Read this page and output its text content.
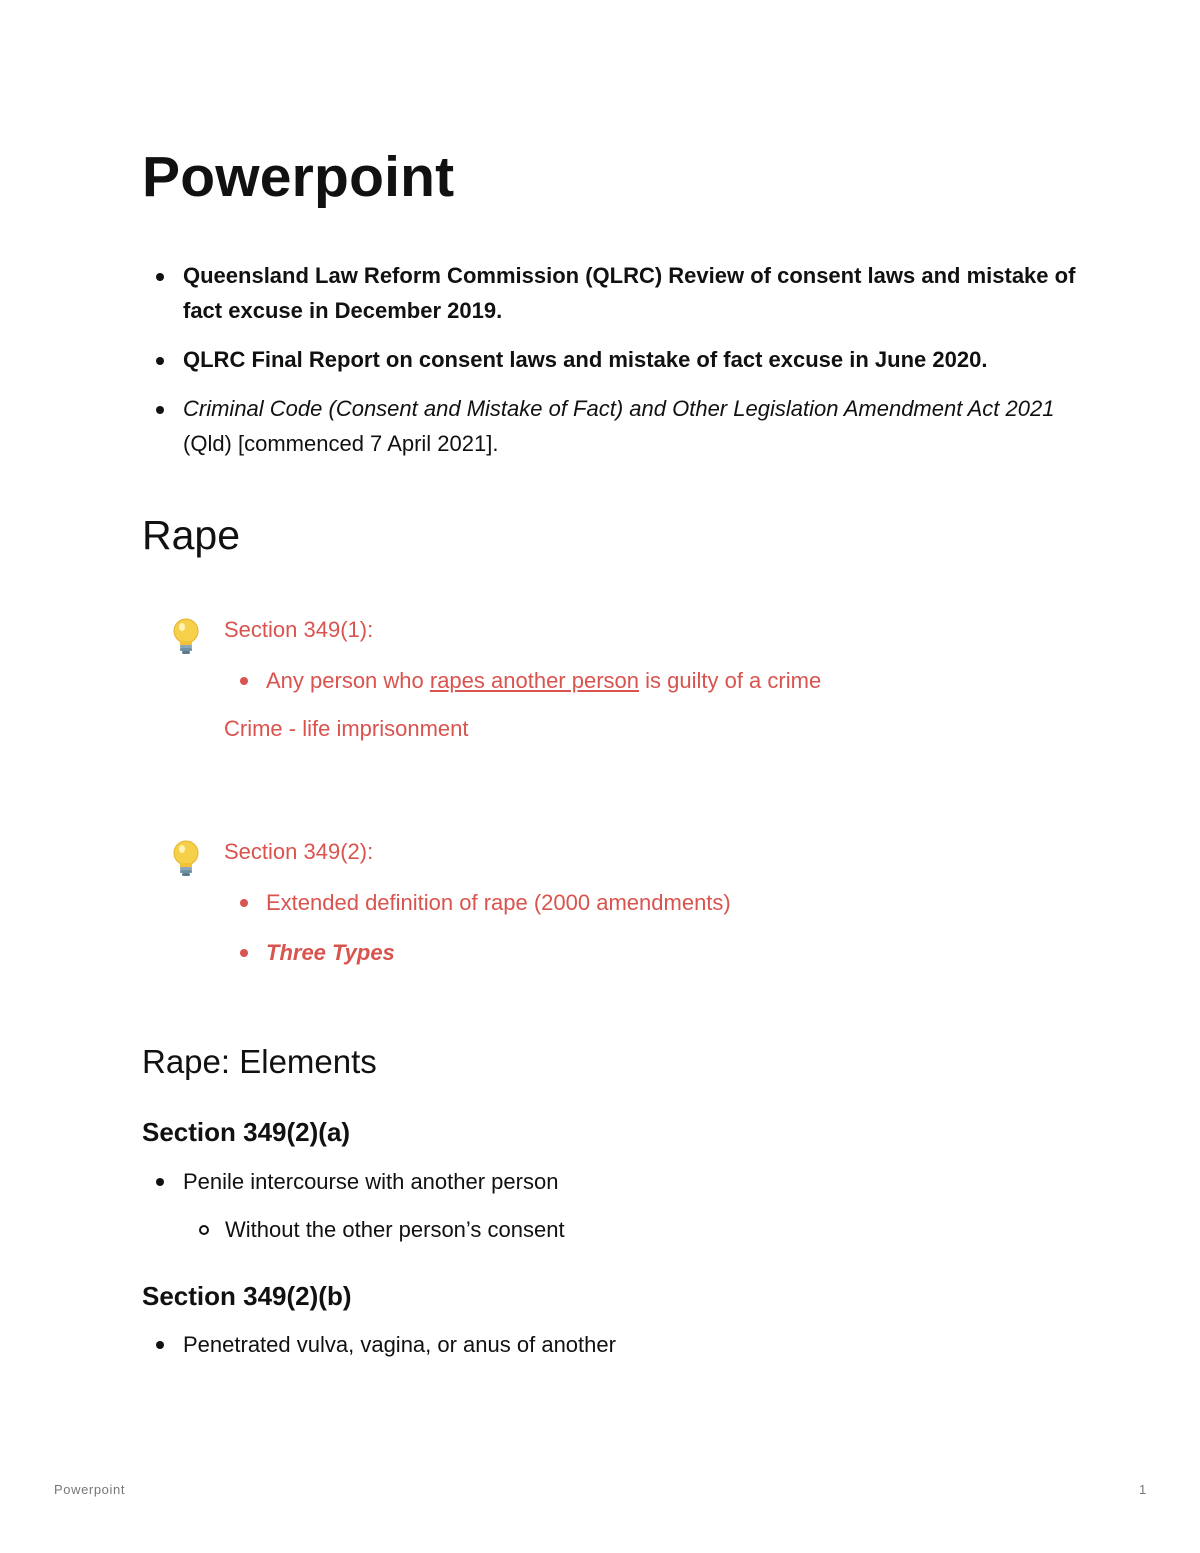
Powerpoint
Queensland Law Reform Commission (QLRC) Review of consent laws and mistake of fact excuse in December 2019.
QLRC Final Report on consent laws and mistake of fact excuse in June 2020.
Criminal Code (Consent and Mistake of Fact) and Other Legislation Amendment Act 2021 (Qld) [commenced 7 April 2021].
Rape
Section 349(1):
Any person who rapes another person is guilty of a crime
Crime - life imprisonment
Section 349(2):
Extended definition of rape (2000 amendments)
Three Types
Rape: Elements
Section 349(2)(a)
Penile intercourse with another person
Without the other person’s consent
Section 349(2)(b)
Penetrated vulva, vagina, or anus of another
Powerpoint	1
